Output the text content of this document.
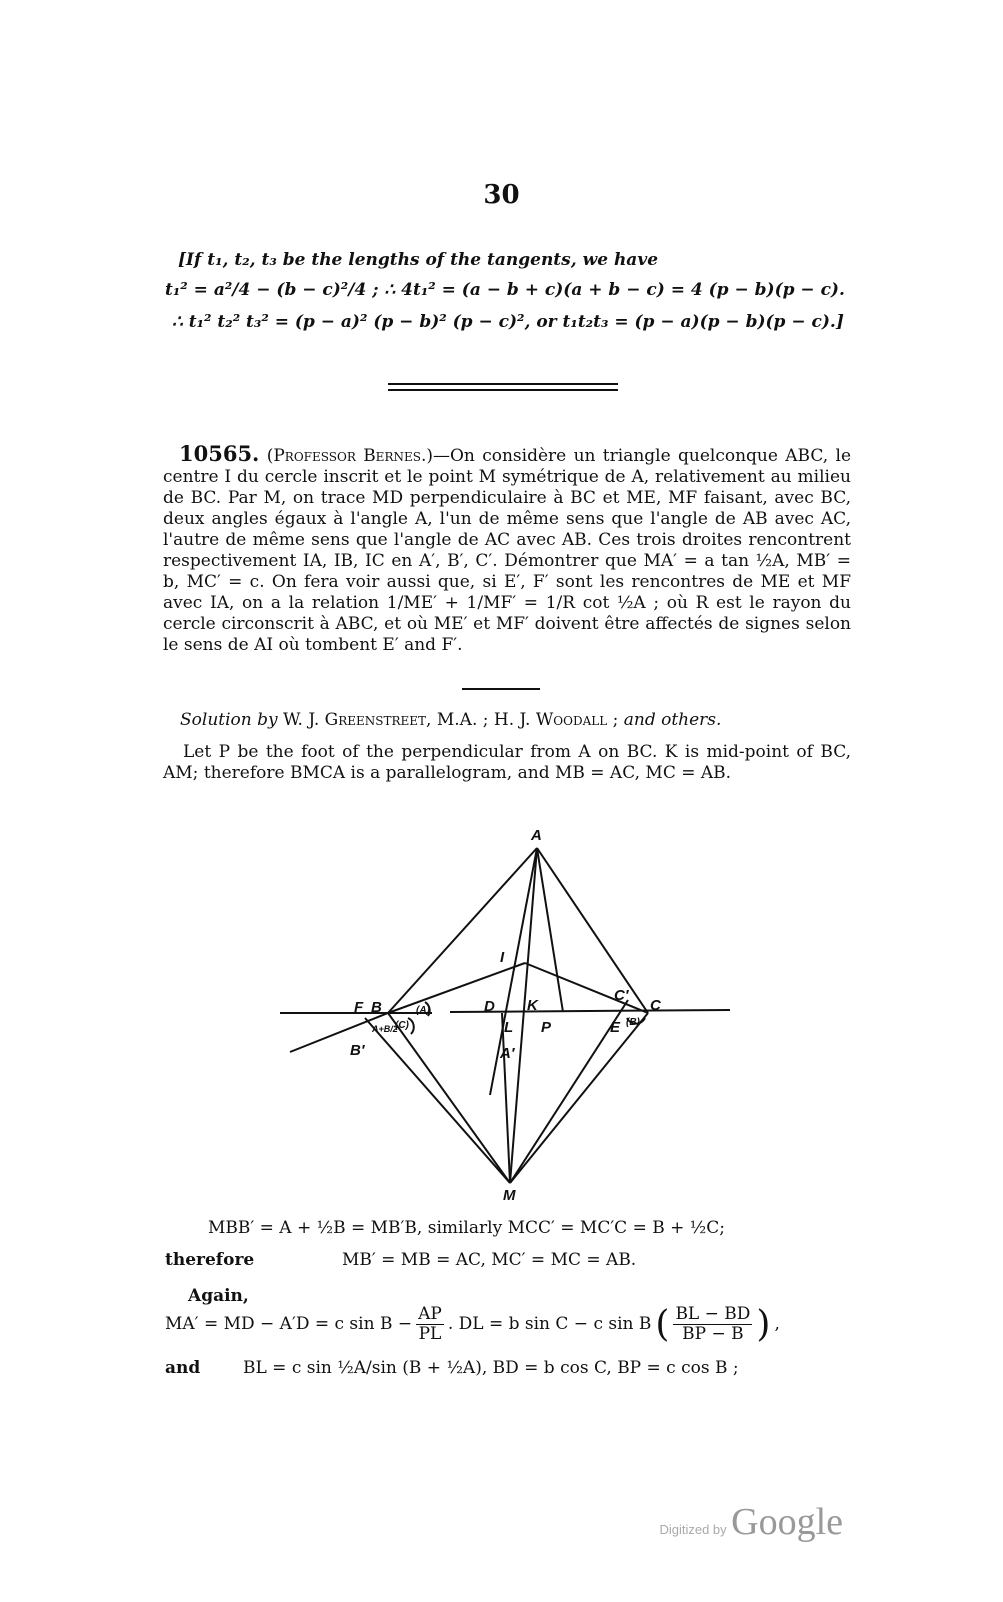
30
[If t₁, t₂, t₃ be the lengths of the tangents, we have
t₁² = a²/4 − (b − c)²/4 ; ∴ 4t₁² = (a − b + c)(a + b − c) = 4 (p − b)(p − c).
∴ t₁² t₂² t₃² = (p − a)² (p − b)² (p − c)², or t₁t₂t₃ = (p − a)(p − b)(p − c).]
10565. (Professor Bernes.)—On considère un triangle quelconque ABC, le centre I du cercle inscrit et le point M symétrique de A, relativement au milieu de BC. Par M, on trace MD perpendiculaire à BC et ME, MF faisant, avec BC, deux angles égaux à l'angle A, l'un de même sens que l'angle de AB avec AC, l'autre de même sens que l'angle de AC avec AB. Ces trois droites rencontrent respectivement IA, IB, IC en A′, B′, C′. Démontrer que MA′ = a tan ½A, MB′ = b, MC′ = c. On fera voir aussi que, si E′, F′ sont les rencontres de ME et MF avec IA, on a la relation 1/ME′ + 1/MF′ = 1/R cot ½A ; où R est le rayon du cercle circonscrit à ABC, et où ME′ et MF′ doivent être affectés de signes selon le sens de AI où tombent E′ and F′.
Solution by W. J. Greenstreet, M.A. ; H. J. Woodall ; and others.
Let P be the foot of the perpendicular from A on BC. K is mid-point of BC, AM; therefore BMCA is a parallelogram, and MB = AC, MC = AB.
A
I
F B	D K
C′
C
B′
L P	E
A′
M
A+B/2
(C)
(A)
(B)
MBB′ = A + ½B = MB′B, similarly MCC′ = MC′C = B + ½C;
therefore	MB′ = MB = AC, MC′ = MC = AB.
Again,
MA′ = MD − A′D = c $\sin B - \frac{AP}{PL}$ . DL = b sin C − c sin B ( $\frac{BL - BD}{BP - B}$ ) ,
and	BL = c sin ½A/sin (B + ½A), BD = b cos C, BP = c cos B ;
Digitized by Google
